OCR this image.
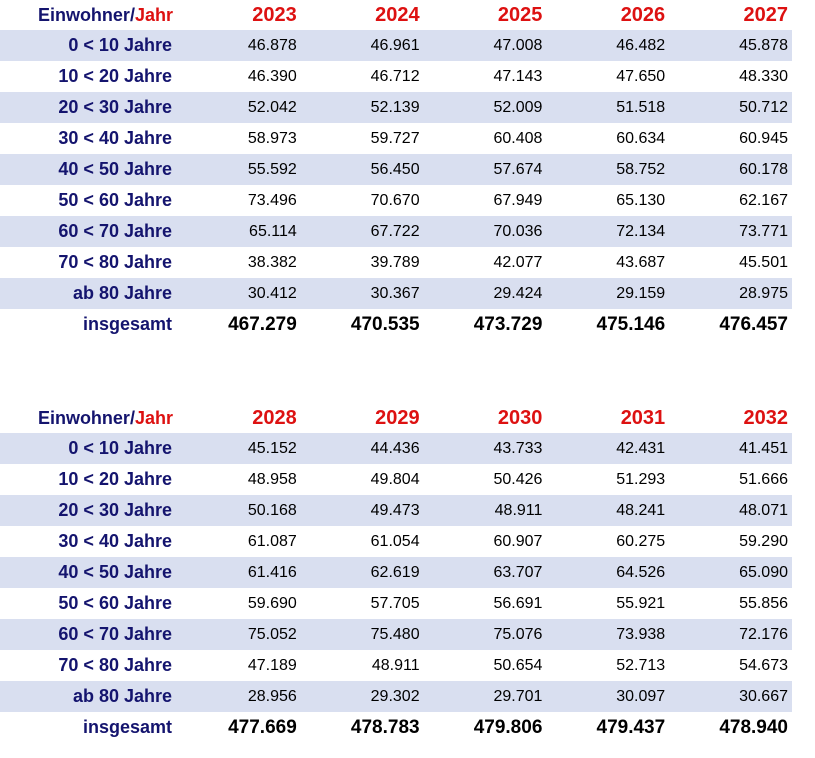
Einwohner/Jahr	2023	2024	2025	2026	2027
0 < 10 Jahre	46.878	46.961	47.008	46.482	45.878
10 < 20 Jahre	46.390	46.712	47.143	47.650	48.330
20 < 30 Jahre	52.042	52.139	52.009	51.518	50.712
30 < 40 Jahre	58.973	59.727	60.408	60.634	60.945
40 < 50 Jahre	55.592	56.450	57.674	58.752	60.178
50 < 60 Jahre	73.496	70.670	67.949	65.130	62.167
60 < 70 Jahre	65.114	67.722	70.036	72.134	73.771
70 < 80 Jahre	38.382	39.789	42.077	43.687	45.501
ab 80 Jahre	30.412	30.367	29.424	29.159	28.975
insgesamt	467.279	470.535	473.729	475.146	476.457
Einwohner/Jahr	2028	2029	2030	2031	2032
0 < 10 Jahre	45.152	44.436	43.733	42.431	41.451
10 < 20 Jahre	48.958	49.804	50.426	51.293	51.666
20 < 30 Jahre	50.168	49.473	48.911	48.241	48.071
30 < 40 Jahre	61.087	61.054	60.907	60.275	59.290
40 < 50 Jahre	61.416	62.619	63.707	64.526	65.090
50 < 60 Jahre	59.690	57.705	56.691	55.921	55.856
60 < 70 Jahre	75.052	75.480	75.076	73.938	72.176
70 < 80 Jahre	47.189	48.911	50.654	52.713	54.673
ab 80 Jahre	28.956	29.302	29.701	30.097	30.667
insgesamt	477.669	478.783	479.806	479.437	478.940
